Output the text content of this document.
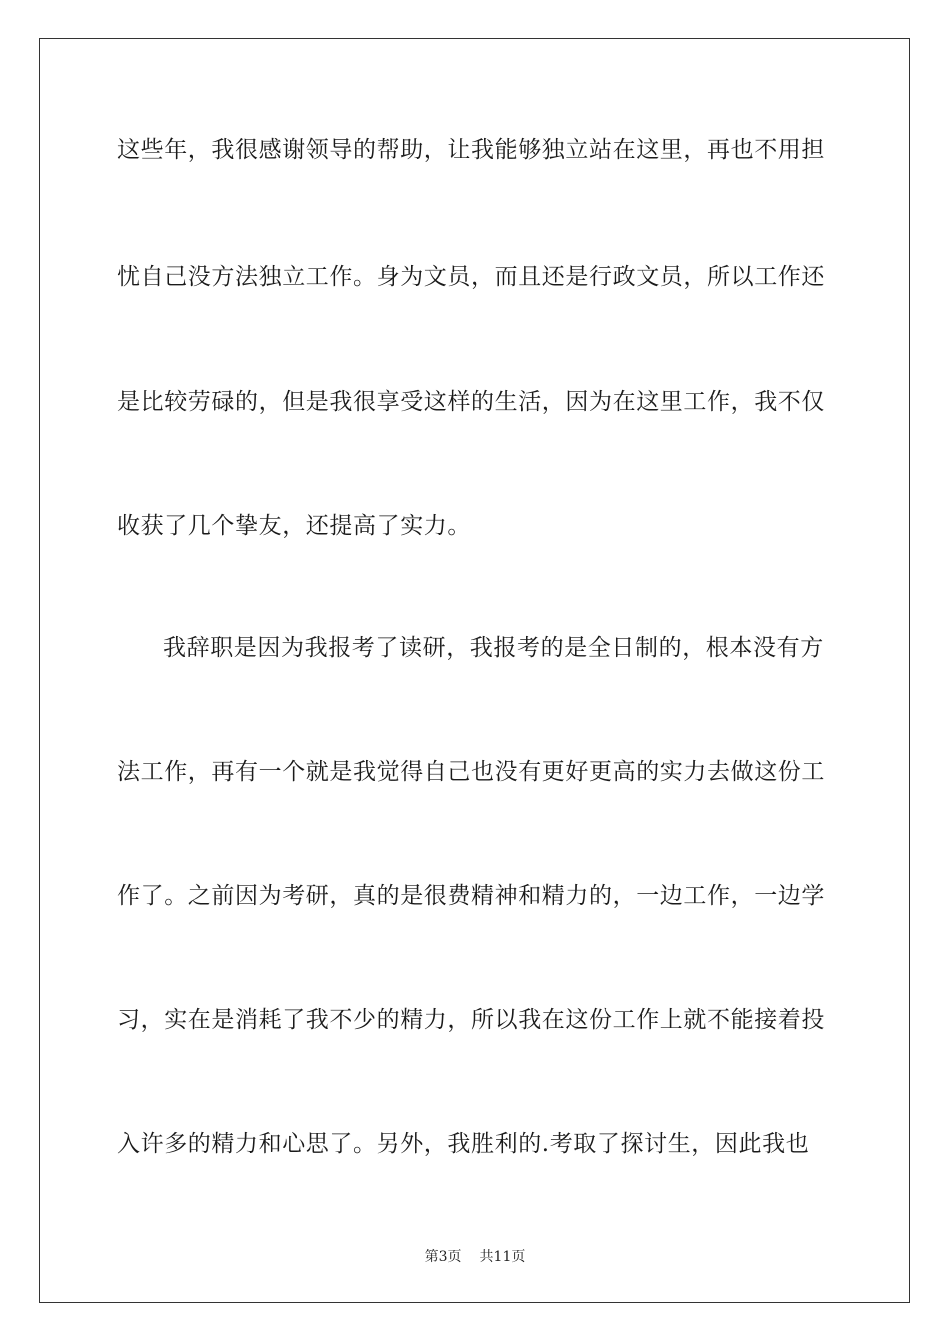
这些年，我很感谢领导的帮助，让我能够独立站在这里，再也不用担
忧自己没方法独立工作。身为文员，而且还是行政文员，所以工作还
是比较劳碌的，但是我很享受这样的生活，因为在这里工作，我不仅
收获了几个挚友，还提高了实力。
我辞职是因为我报考了读研，我报考的是全日制的，根本没有方
法工作，再有一个就是我觉得自己也没有更好更高的实力去做这份工
作了。之前因为考研，真的是很费精神和精力的，一边工作，一边学
习，实在是消耗了我不少的精力，所以我在这份工作上就不能接着投
入许多的精力和心思了。另外，我胜利的.考取了探讨生，因此我也
第3页 共11页
